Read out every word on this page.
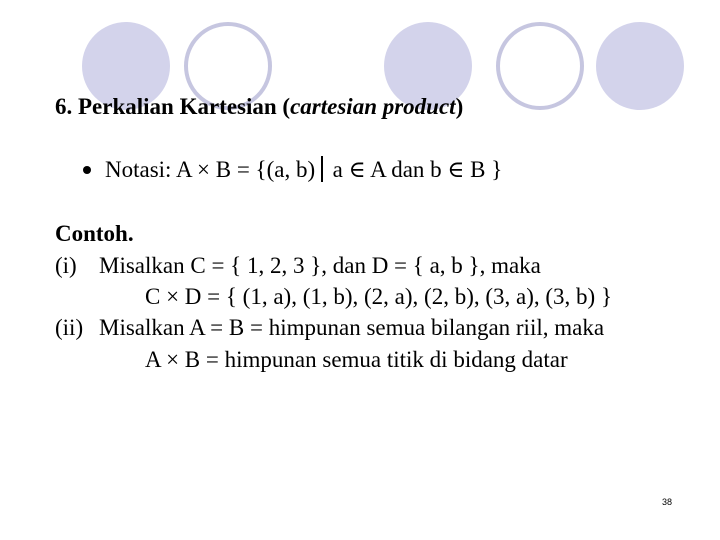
6. Perkalian Kartesian (cartesian product)
Notasi: A × B = {(a, b) a ∈ A dan b ∈ B }
Contoh.
(i) Misalkan C = { 1, 2, 3 }, dan D = { a, b }, maka
C × D = { (1, a), (1, b), (2, a), (2, b), (3, a), (3, b) }
(ii) Misalkan A = B = himpunan semua bilangan riil, maka
A × B = himpunan semua titik di bidang datar
38
